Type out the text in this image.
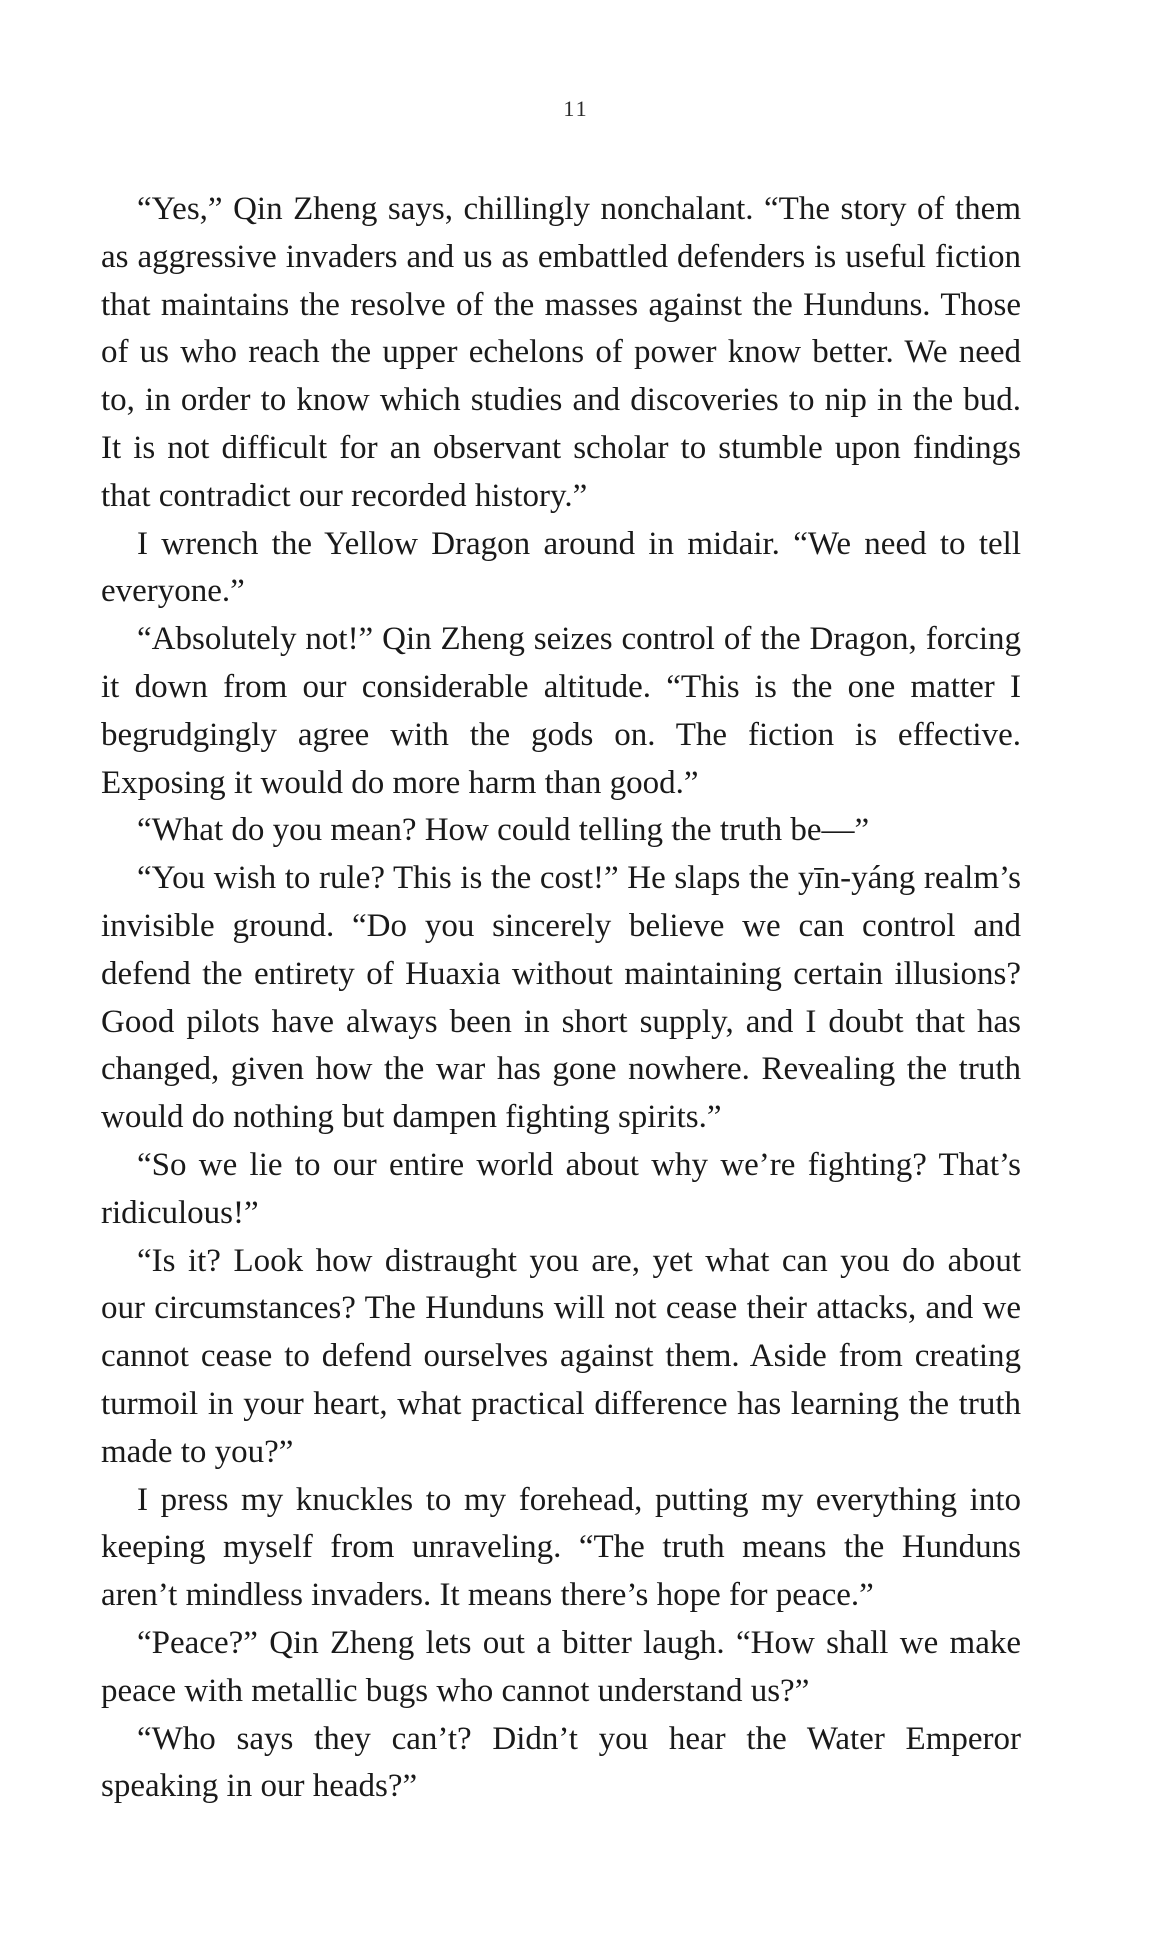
11

“Yes,” Qin Zheng says, chillingly nonchalant. “The story of them as aggressive invaders and us as embattled defenders is useful fiction that maintains the resolve of the masses against the Hunduns. Those of us who reach the upper echelons of power know better. We need to, in order to know which studies and discoveries to nip in the bud. It is not difficult for an observant scholar to stumble upon findings that contradict our recorded history.”

I wrench the Yellow Dragon around in midair. “We need to tell everyone.”

“Absolutely not!” Qin Zheng seizes control of the Dragon, forcing it down from our considerable altitude. “This is the one matter I begrudgingly agree with the gods on. The fiction is effective. Exposing it would do more harm than good.”

“What do you mean? How could telling the truth be—”

“You wish to rule? This is the cost!” He slaps the yīn-yáng realm’s invisible ground. “Do you sincerely believe we can control and defend the entirety of Huaxia without maintaining certain illusions? Good pilots have always been in short supply, and I doubt that has changed, given how the war has gone nowhere. Revealing the truth would do nothing but dampen fighting spirits.”

“So we lie to our entire world about why we’re fighting? That’s ridiculous!”

“Is it? Look how distraught you are, yet what can you do about our circumstances? The Hunduns will not cease their attacks, and we cannot cease to defend ourselves against them. Aside from creating turmoil in your heart, what practical difference has learning the truth made to you?”

I press my knuckles to my forehead, putting my everything into keeping myself from unraveling. “The truth means the Hunduns aren’t mindless invaders. It means there’s hope for peace.”

“Peace?” Qin Zheng lets out a bitter laugh. “How shall we make peace with metallic bugs who cannot understand us?”

“Who says they can’t? Didn’t you hear the Water Emperor speaking in our heads?”
